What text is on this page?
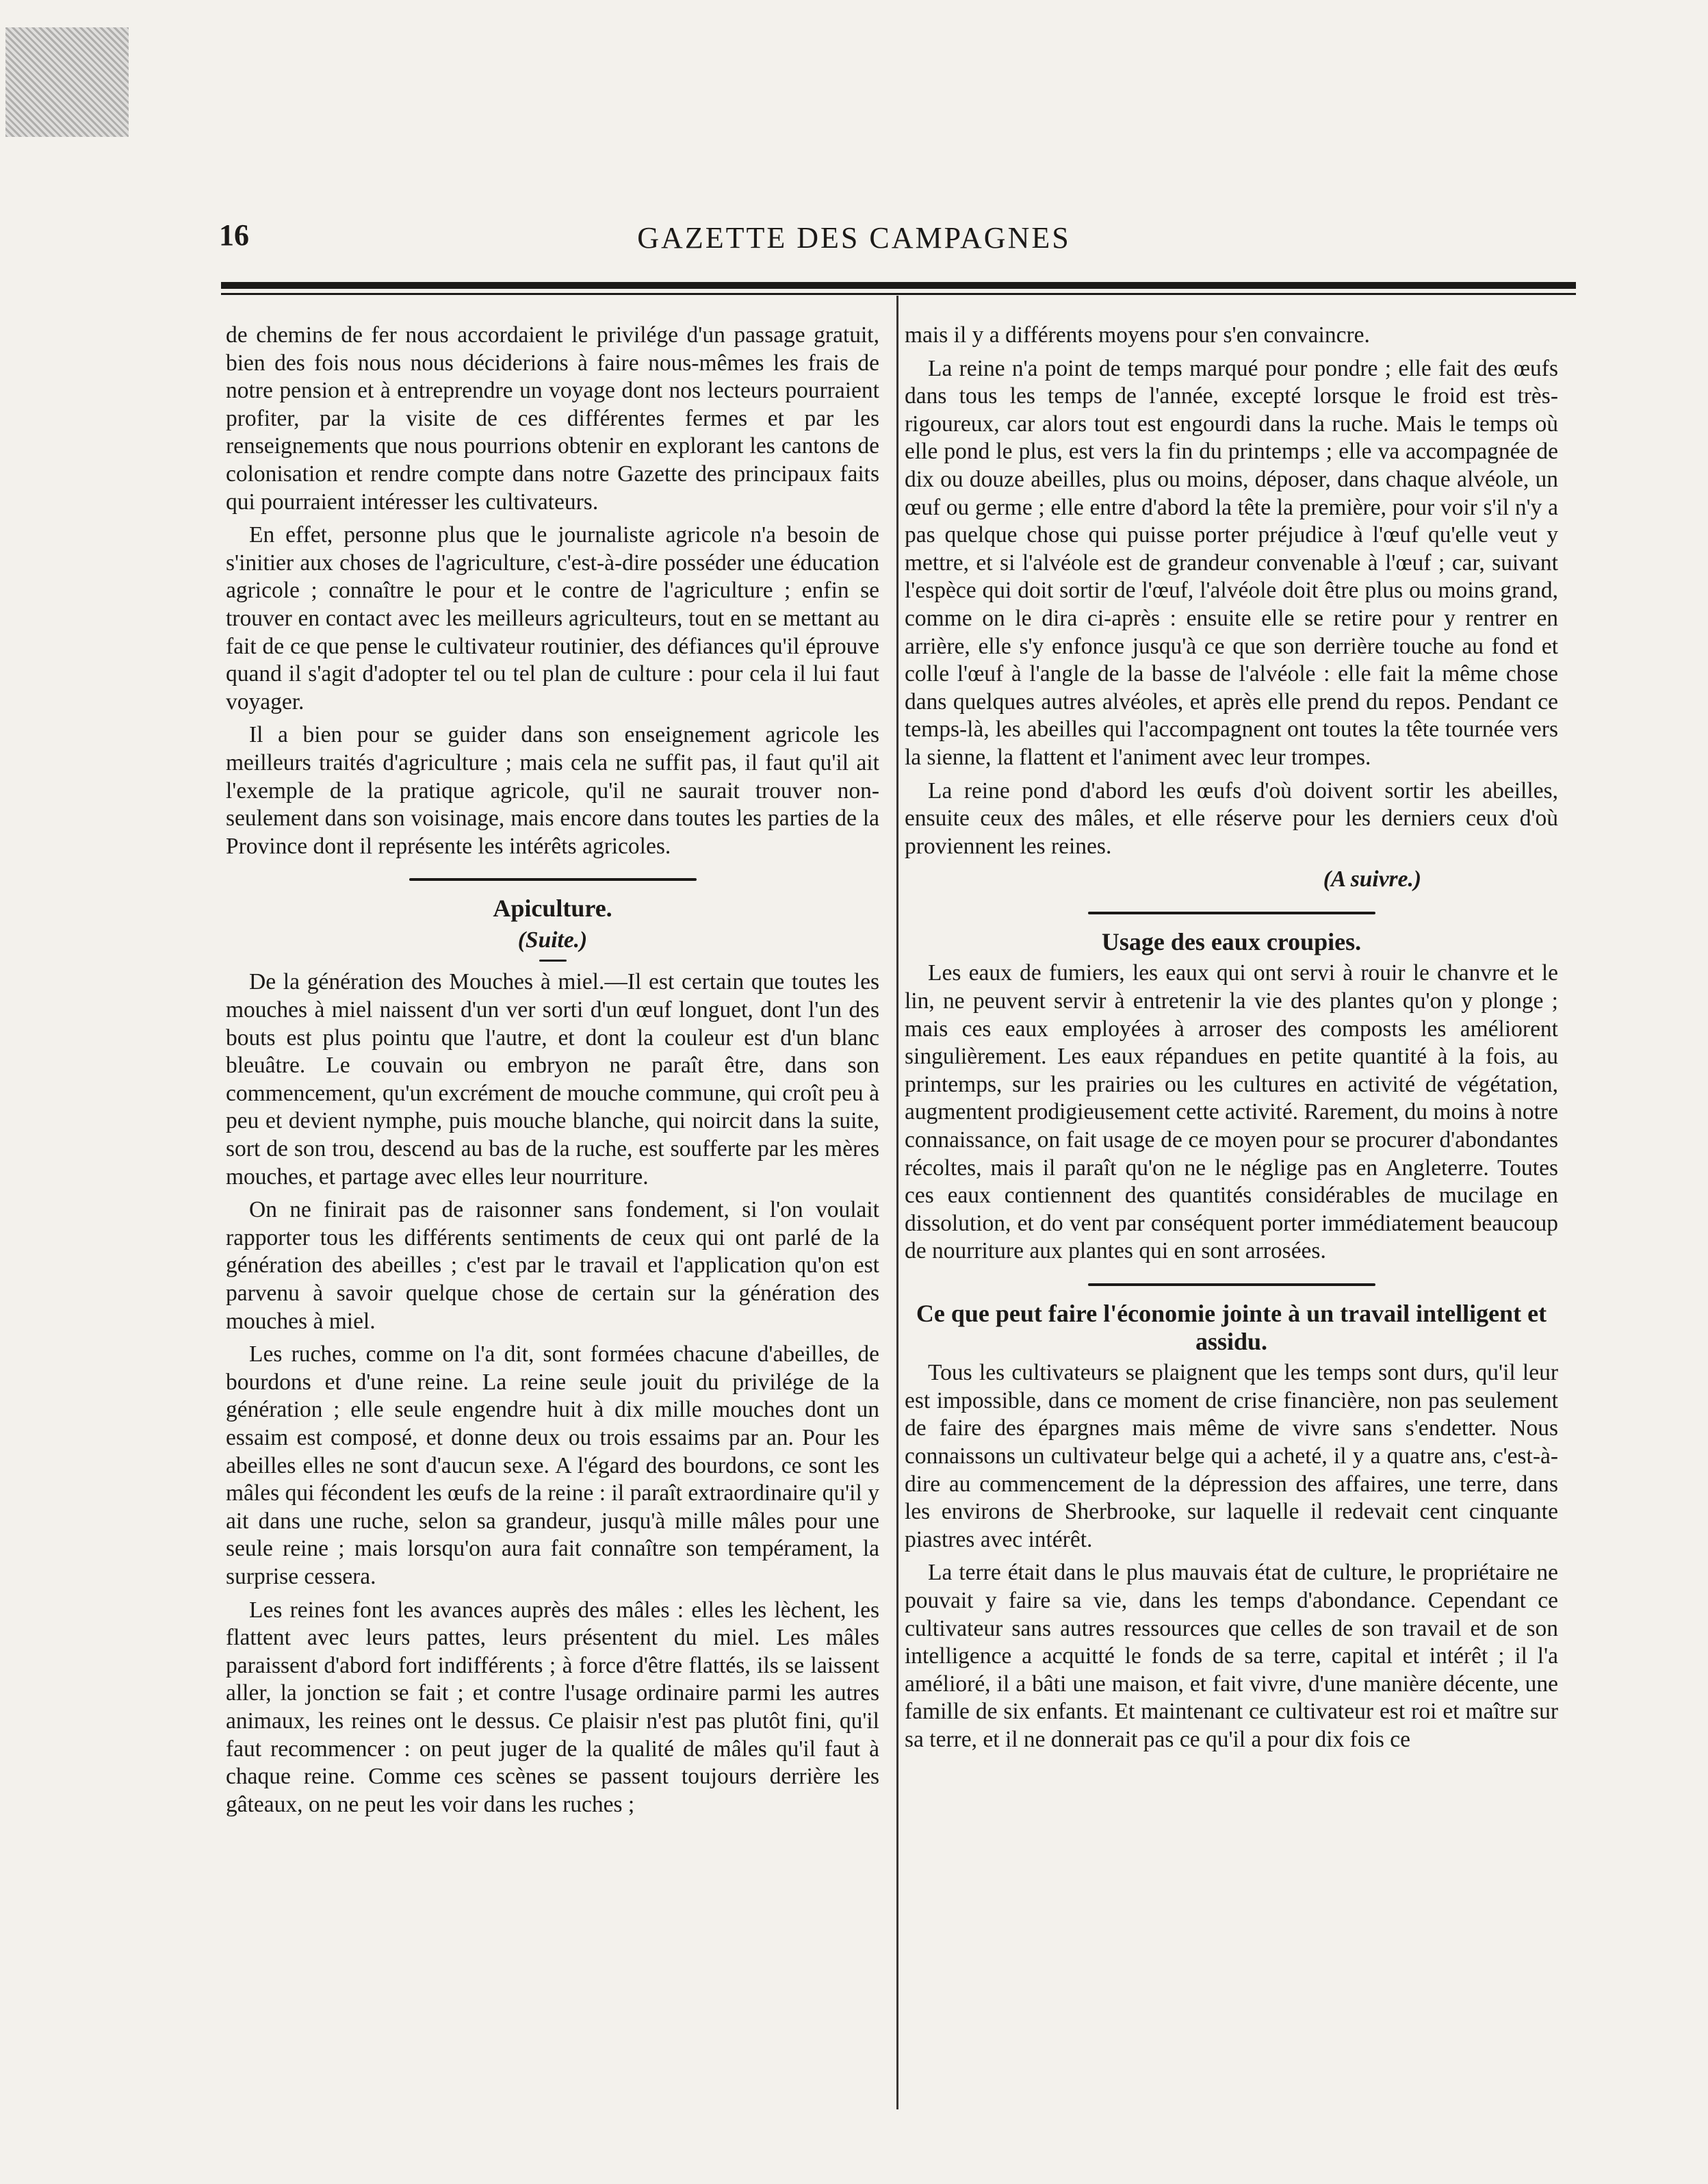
16	GAZETTE DES CAMPAGNES

de chemins de fer nous accordaient le privilége d'un passage gratuit, bien des fois nous nous déciderions à faire nous-mêmes les frais de notre pension et à entreprendre un voyage dont nos lecteurs pourraient profiter, par la visite de ces différentes fermes et par les renseignements que nous pourrions obtenir en explorant les cantons de colonisation et rendre compte dans notre Gazette des principaux faits qui pourraient intéresser les cultivateurs.

En effet, personne plus que le journaliste agricole n'a besoin de s'initier aux choses de l'agriculture, c'est-à-dire posséder une éducation agricole ; connaître le pour et le contre de l'agriculture ; enfin se trouver en contact avec les meilleurs agriculteurs, tout en se mettant au fait de ce que pense le cultivateur routinier, des défiances qu'il éprouve quand il s'agit d'adopter tel ou tel plan de culture : pour cela il lui faut voyager.

Il a bien pour se guider dans son enseignement agricole les meilleurs traités d'agriculture ; mais cela ne suffit pas, il faut qu'il ait l'exemple de la pratique agricole, qu'il ne saurait trouver non-seulement dans son voisinage, mais encore dans toutes les parties de la Province dont il représente les intérêts agricoles.

Apiculture.
(Suite.)

De la génération des Mouches à miel.—Il est certain que toutes les mouches à miel naissent d'un ver sorti d'un œuf longuet, dont l'un des bouts est plus pointu que l'autre, et dont la couleur est d'un blanc bleuâtre. Le couvain ou embryon ne paraît être, dans son commencement, qu'un excrément de mouche commune, qui croît peu à peu et devient nymphe, puis mouche blanche, qui noircit dans la suite, sort de son trou, descend au bas de la ruche, est soufferte par les mères mouches, et partage avec elles leur nourriture.

On ne finirait pas de raisonner sans fondement, si l'on voulait rapporter tous les différents sentiments de ceux qui ont parlé de la génération des abeilles ; c'est par le travail et l'application qu'on est parvenu à savoir quelque chose de certain sur la génération des mouches à miel.

Les ruches, comme on l'a dit, sont formées chacune d'abeilles, de bourdons et d'une reine. La reine seule jouit du privilége de la génération ; elle seule engendre huit à dix mille mouches dont un essaim est composé, et donne deux ou trois essaims par an. Pour les abeilles elles ne sont d'aucun sexe. A l'égard des bourdons, ce sont les mâles qui fécondent les œufs de la reine : il paraît extraordinaire qu'il y ait dans une ruche, selon sa grandeur, jusqu'à mille mâles pour une seule reine ; mais lorsqu'on aura fait connaître son tempérament, la surprise cessera.

Les reines font les avances auprès des mâles : elles les lèchent, les flattent avec leurs pattes, leurs présentent du miel. Les mâles paraissent d'abord fort indifférents ; à force d'être flattés, ils se laissent aller, la jonction se fait ; et contre l'usage ordinaire parmi les autres animaux, les reines ont le dessus. Ce plaisir n'est pas plutôt fini, qu'il faut recommencer : on peut juger de la qualité de mâles qu'il faut à chaque reine. Comme ces scènes se passent toujours derrière les gâteaux, on ne peut les voir dans les ruches ;

mais il y a différents moyens pour s'en convaincre.

La reine n'a point de temps marqué pour pondre ; elle fait des œufs dans tous les temps de l'année, excepté lorsque le froid est très-rigoureux, car alors tout est engourdi dans la ruche. Mais le temps où elle pond le plus, est vers la fin du printemps ; elle va accompagnée de dix ou douze abeilles, plus ou moins, déposer, dans chaque alvéole, un œuf ou germe ; elle entre d'abord la tête la première, pour voir s'il n'y a pas quelque chose qui puisse porter préjudice à l'œuf qu'elle veut y mettre, et si l'alvéole est de grandeur convenable à l'œuf ; car, suivant l'espèce qui doit sortir de l'œuf, l'alvéole doit être plus ou moins grand, comme on le dira ci-après : ensuite elle se retire pour y rentrer en arrière, elle s'y enfonce jusqu'à ce que son derrière touche au fond et colle l'œuf à l'angle de la basse de l'alvéole : elle fait la même chose dans quelques autres alvéoles, et après elle prend du repos. Pendant ce temps-là, les abeilles qui l'accompagnent ont toutes la tête tournée vers la sienne, la flattent et l'animent avec leur trompes.

La reine pond d'abord les œufs d'où doivent sortir les abeilles, ensuite ceux des mâles, et elle réserve pour les derniers ceux d'où proviennent les reines.

(A suivre.)
Usage des eaux croupies.

Les eaux de fumiers, les eaux qui ont servi à rouir le chanvre et le lin, ne peuvent servir à entretenir la vie des plantes qu'on y plonge ; mais ces eaux employées à arroser des composts les améliorent singulièrement. Les eaux répandues en petite quantité à la fois, au printemps, sur les prairies ou les cultures en activité de végétation, augmentent prodigieusement cette activité. Rarement, du moins à notre connaissance, on fait usage de ce moyen pour se procurer d'abondantes récoltes, mais il paraît qu'on ne le néglige pas en Angleterre. Toutes ces eaux contiennent des quantités considérables de mucilage en dissolution, et do vent par conséquent porter immédiatement beaucoup de nourriture aux plantes qui en sont arrosées.

Ce que peut faire l'économie jointe à un travail intelligent et assidu.

Tous les cultivateurs se plaignent que les temps sont durs, qu'il leur est impossible, dans ce moment de crise financière, non pas seulement de faire des épargnes mais même de vivre sans s'endetter. Nous connaissons un cultivateur belge qui a acheté, il y a quatre ans, c'est-à-dire au commencement de la dépression des affaires, une terre, dans les environs de Sherbrooke, sur laquelle il redevait cent cinquante piastres avec intérêt.

La terre était dans le plus mauvais état de culture, le propriétaire ne pouvait y faire sa vie, dans les temps d'abondance. Cependant ce cultivateur sans autres ressources que celles de son travail et de son intelligence a acquitté le fonds de sa terre, capital et intérêt ; il l'a amélioré, il a bâti une maison, et fait vivre, d'une manière décente, une famille de six enfants. Et maintenant ce cultivateur est roi et maître sur sa terre, et il ne donnerait pas ce qu'il a pour dix fois ce
